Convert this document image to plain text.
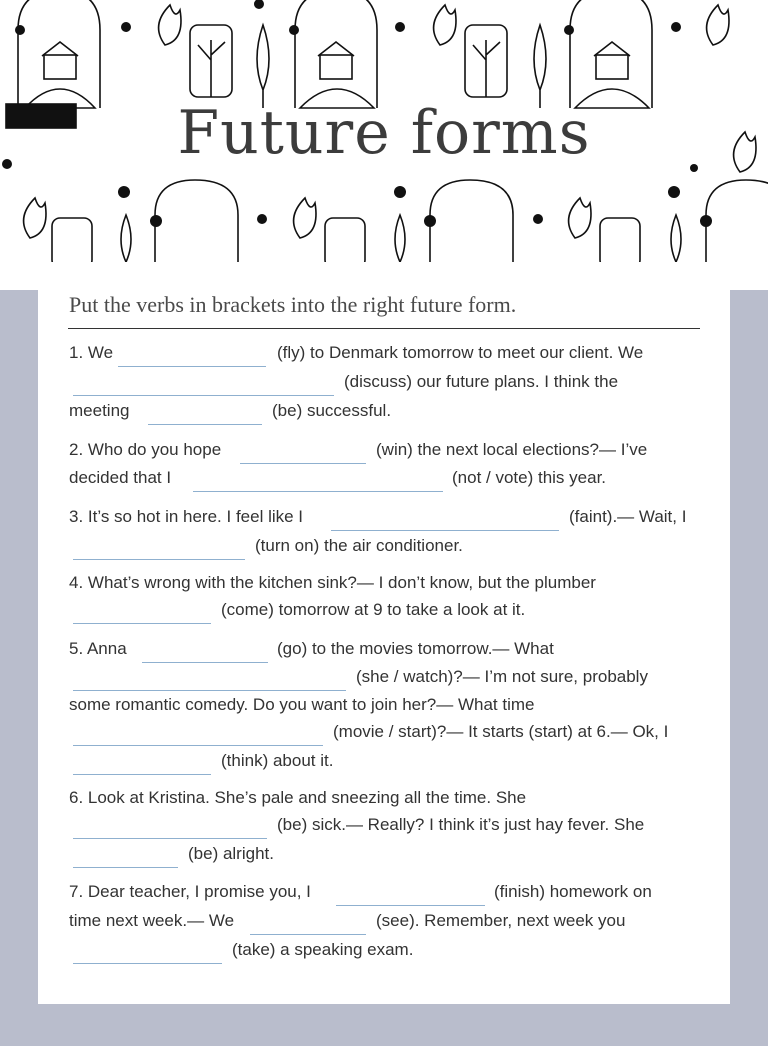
Future forms
Put the verbs in brackets into the right future form.
1. We	(fly) to Denmark tomorrow to meet our client. We
(discuss) our future plans. I think the
meeting	(be) successful.
2. Who do you hope	(win) the next local elections?— I’ve
decided that I	(not / vote) this year.
3. It’s so hot in here. I feel like I	(faint).— Wait, I
(turn on) the air conditioner.
4. What’s wrong with the kitchen sink?— I don’t know, but the plumber
(come) tomorrow at 9 to take a look at it.
5. Anna	(go) to the movies tomorrow.— What
(she / watch)?— I’m not sure, probably
some romantic comedy. Do you want to join her?— What time
(movie / start)?— It starts (start) at 6.— Ok, I
(think) about it.
6. Look at Kristina. She’s pale and sneezing all the time. She
(be) sick.— Really? I think it’s just hay fever. She
(be) alright.
7. Dear teacher, I promise you, I	(finish) homework on
time next week.— We	(see). Remember, next week you
(take) a speaking exam.
